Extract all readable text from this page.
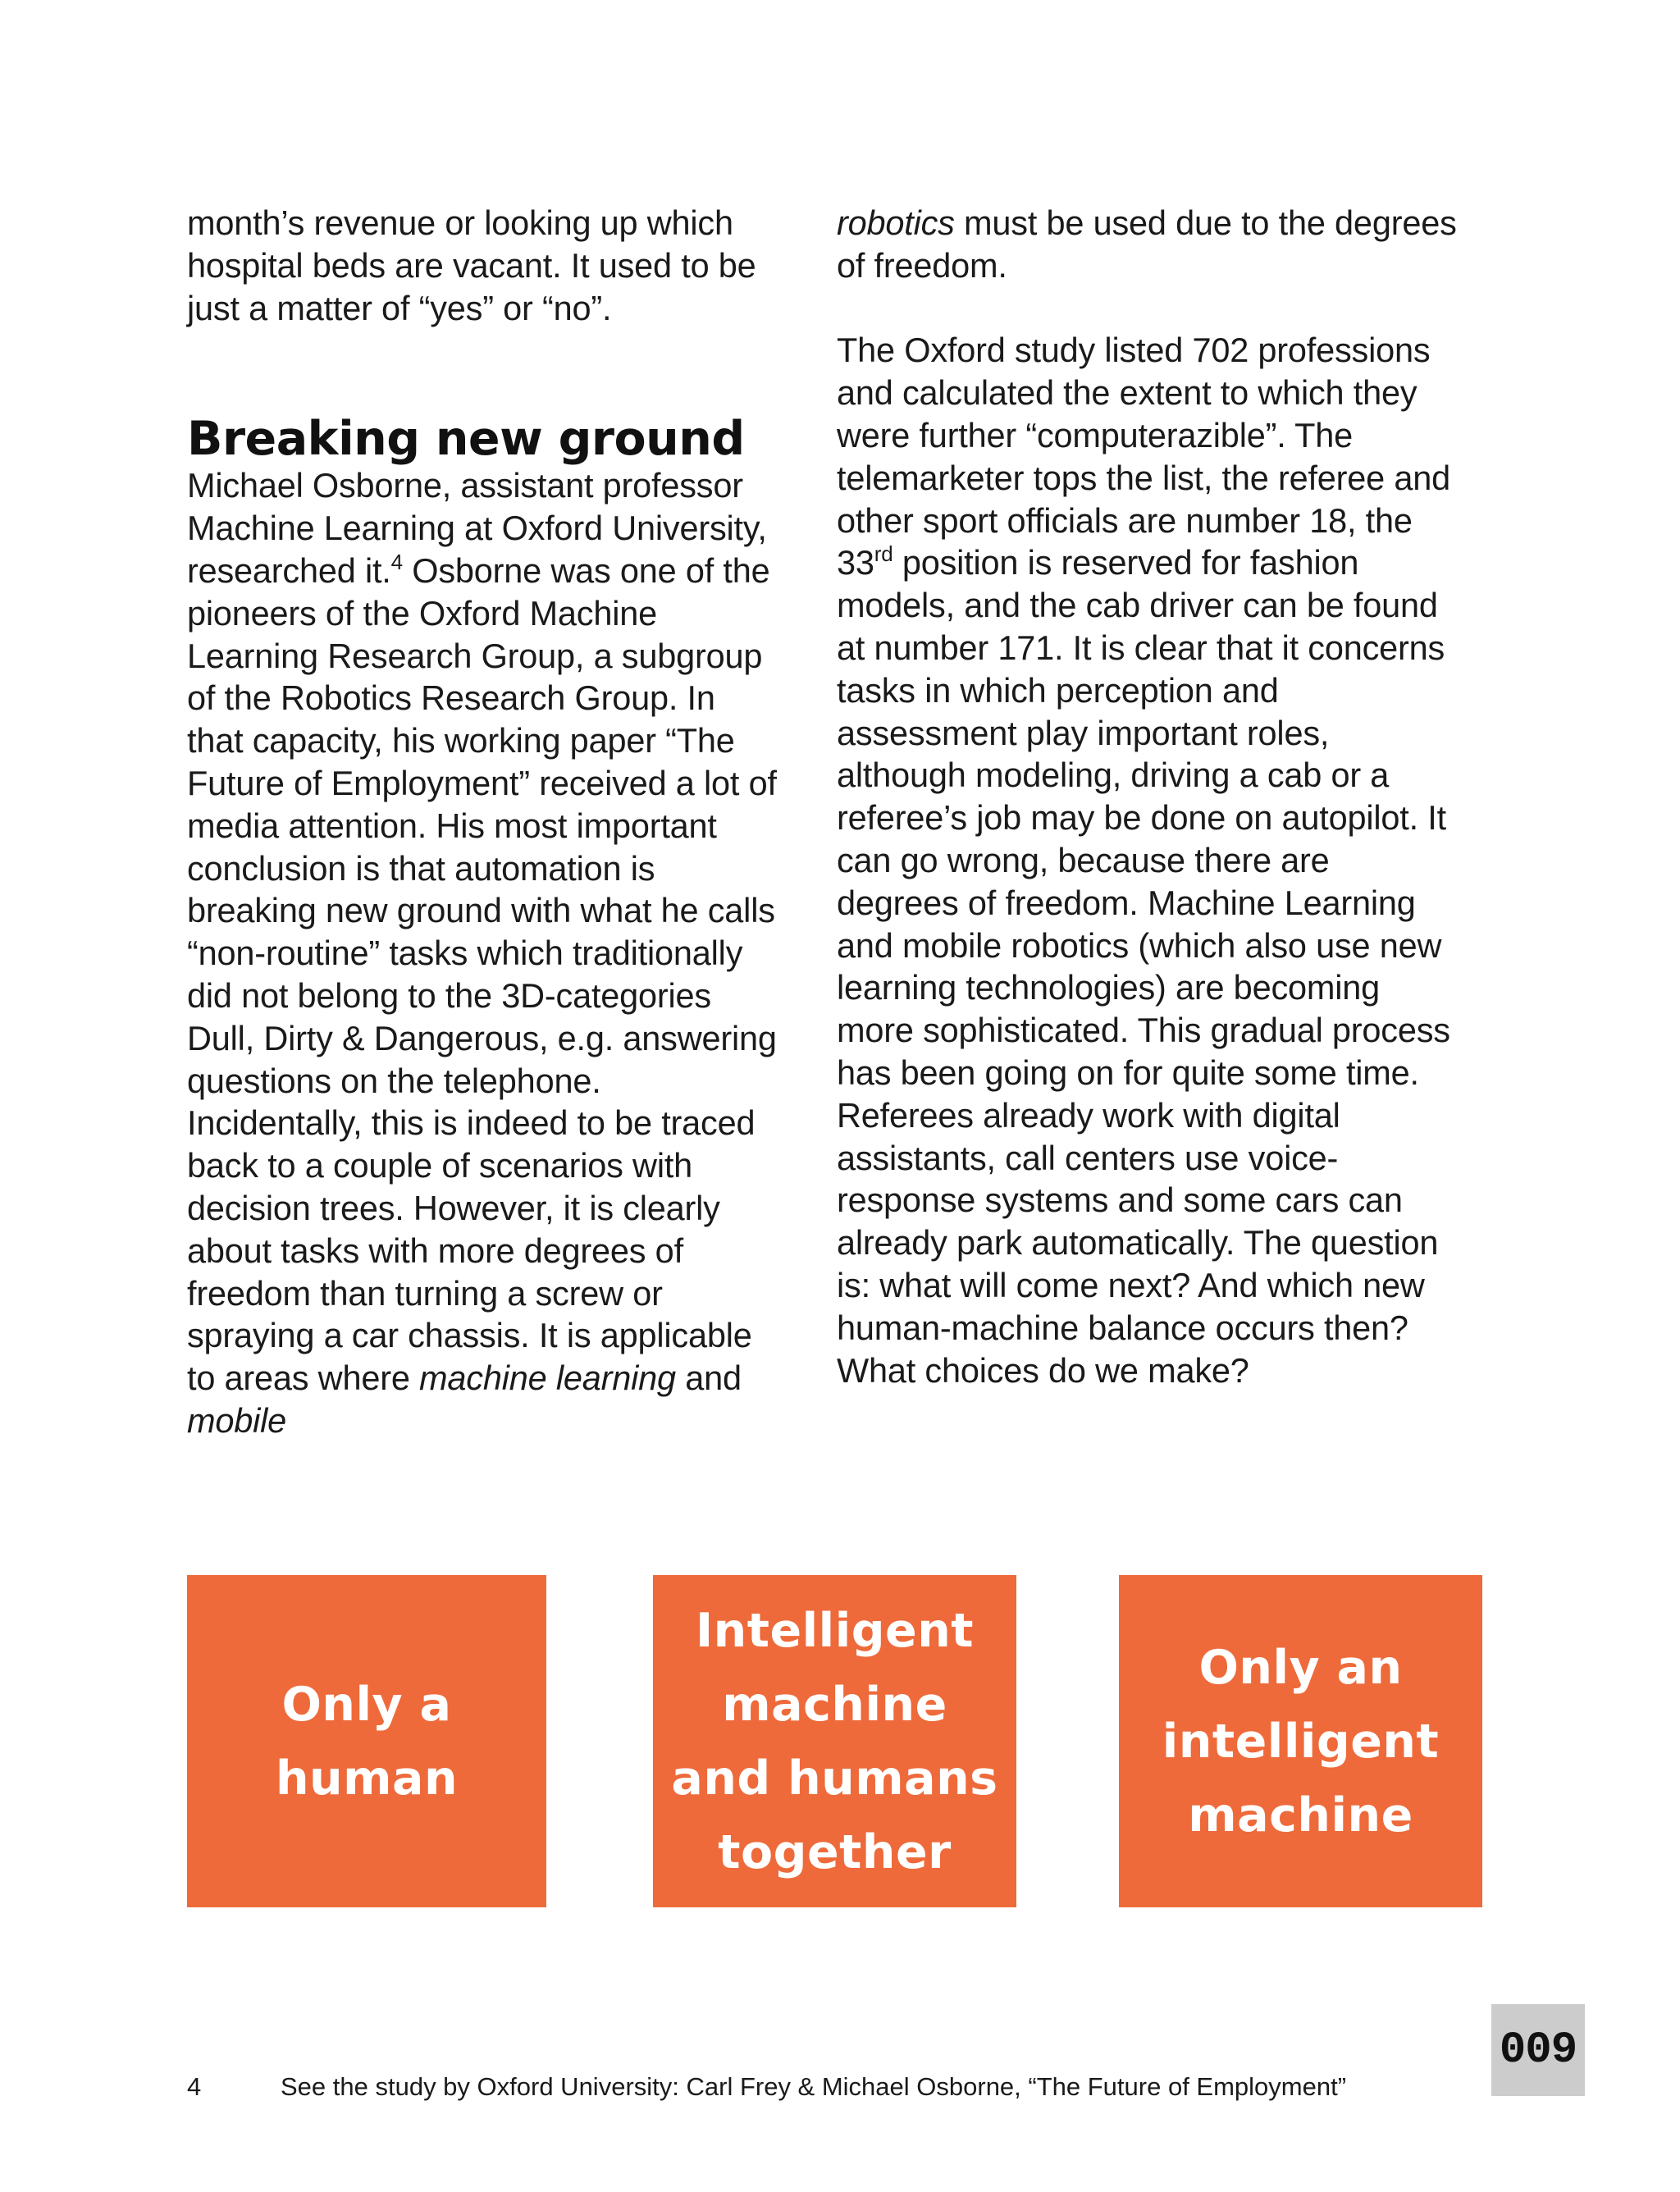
month’s revenue or looking up which hospital beds are vacant. It used to be just a matter of “yes” or “no”.

Breaking new ground

Michael Osborne, assistant professor Machine Learning at Oxford University, researched it.$^4$ Osborne was one of the pioneers of the Oxford Machine Learning Research Group, a subgroup of the Robotics Research Group. In that capacity, his working paper “The Future of Employment” received a lot of media attention. His most important conclusion is that automation is breaking new ground with what he calls “non-routine” tasks which traditionally did not belong to the 3D-categories Dull, Dirty & Dangerous, e.g. answering questions on the telephone. Incidentally, this is indeed to be traced back to a couple of scenarios with decision trees. However, it is clearly about tasks with more degrees of freedom than turning a screw or spraying a car chassis. It is applicable to areas where machine learning and mobile

robotics must be used due to the degrees of freedom.

The Oxford study listed 702 professions and calculated the extent to which they were further “computerazible”. The telemarketer tops the list, the referee and other sport officials are number 18, the 33rd position is reserved for fashion models, and the cab driver can be found at number 171. It is clear that it concerns tasks in which perception and assessment play important roles, although modeling, driving a cab or a referee’s job may be done on autopilot. It can go wrong, because there are degrees of freedom. Machine Learning and mobile robotics (which also use new learning technologies) are becoming more sophisticated. This gradual process has been going on for quite some time. Referees already work with digital assistants, call centers use voice-response systems and some cars can already park automatically. The question is: what will come next? And which new human-machine balance occurs then? What choices do we make?

Only a
human
Intelligent
machine
and humans
together
Only an
intelligent
machine
4	See the study by Oxford University: Carl Frey & Michael Osborne, “The Future of Employment”
009
